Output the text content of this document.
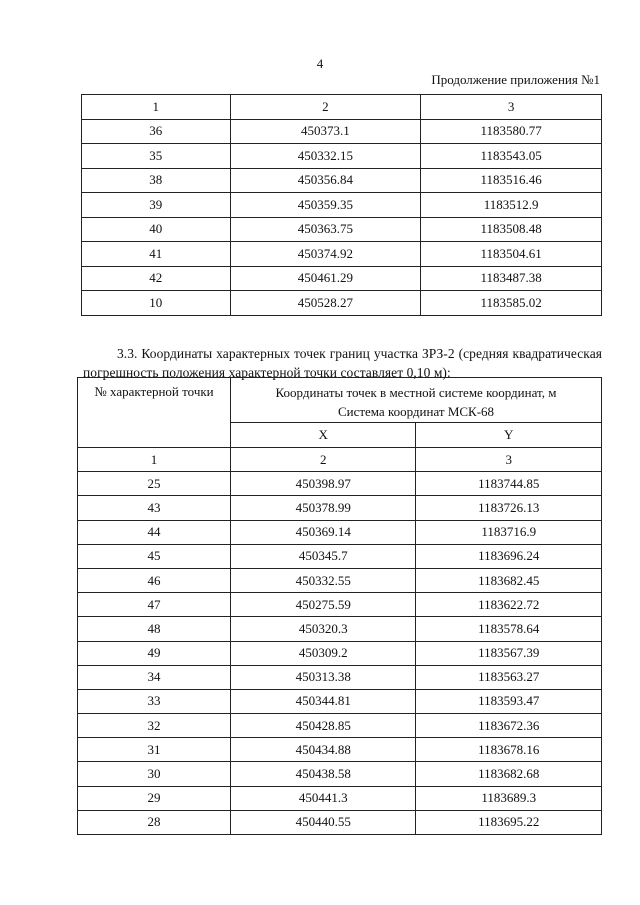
4
Продолжение приложения №1
1	2	3
36	450373.1	1183580.77
35	450332.15	1183543.05
38	450356.84	1183516.46
39	450359.35	1183512.9
40	450363.75	1183508.48
41	450374.92	1183504.61
42	450461.29	1183487.38
10	450528.27	1183585.02

3.3. Координаты характерных точек границ участка ЗРЗ-2 (средняя квадратическая погрешность положения характерной точки составляет 0,10 м):

№ характерной точки	Координаты точек в местной системе координат, м
Система координат МСК-68	

	X	Y
1	2	3
25	450398.97	1183744.85
43	450378.99	1183726.13
44	450369.14	1183716.9
45	450345.7	1183696.24
46	450332.55	1183682.45
47	450275.59	1183622.72
48	450320.3	1183578.64
49	450309.2	1183567.39
34	450313.38	1183563.27
33	450344.81	1183593.47
32	450428.85	1183672.36
31	450434.88	1183678.16
30	450438.58	1183682.68
29	450441.3	1183689.3
28	450440.55	1183695.22
